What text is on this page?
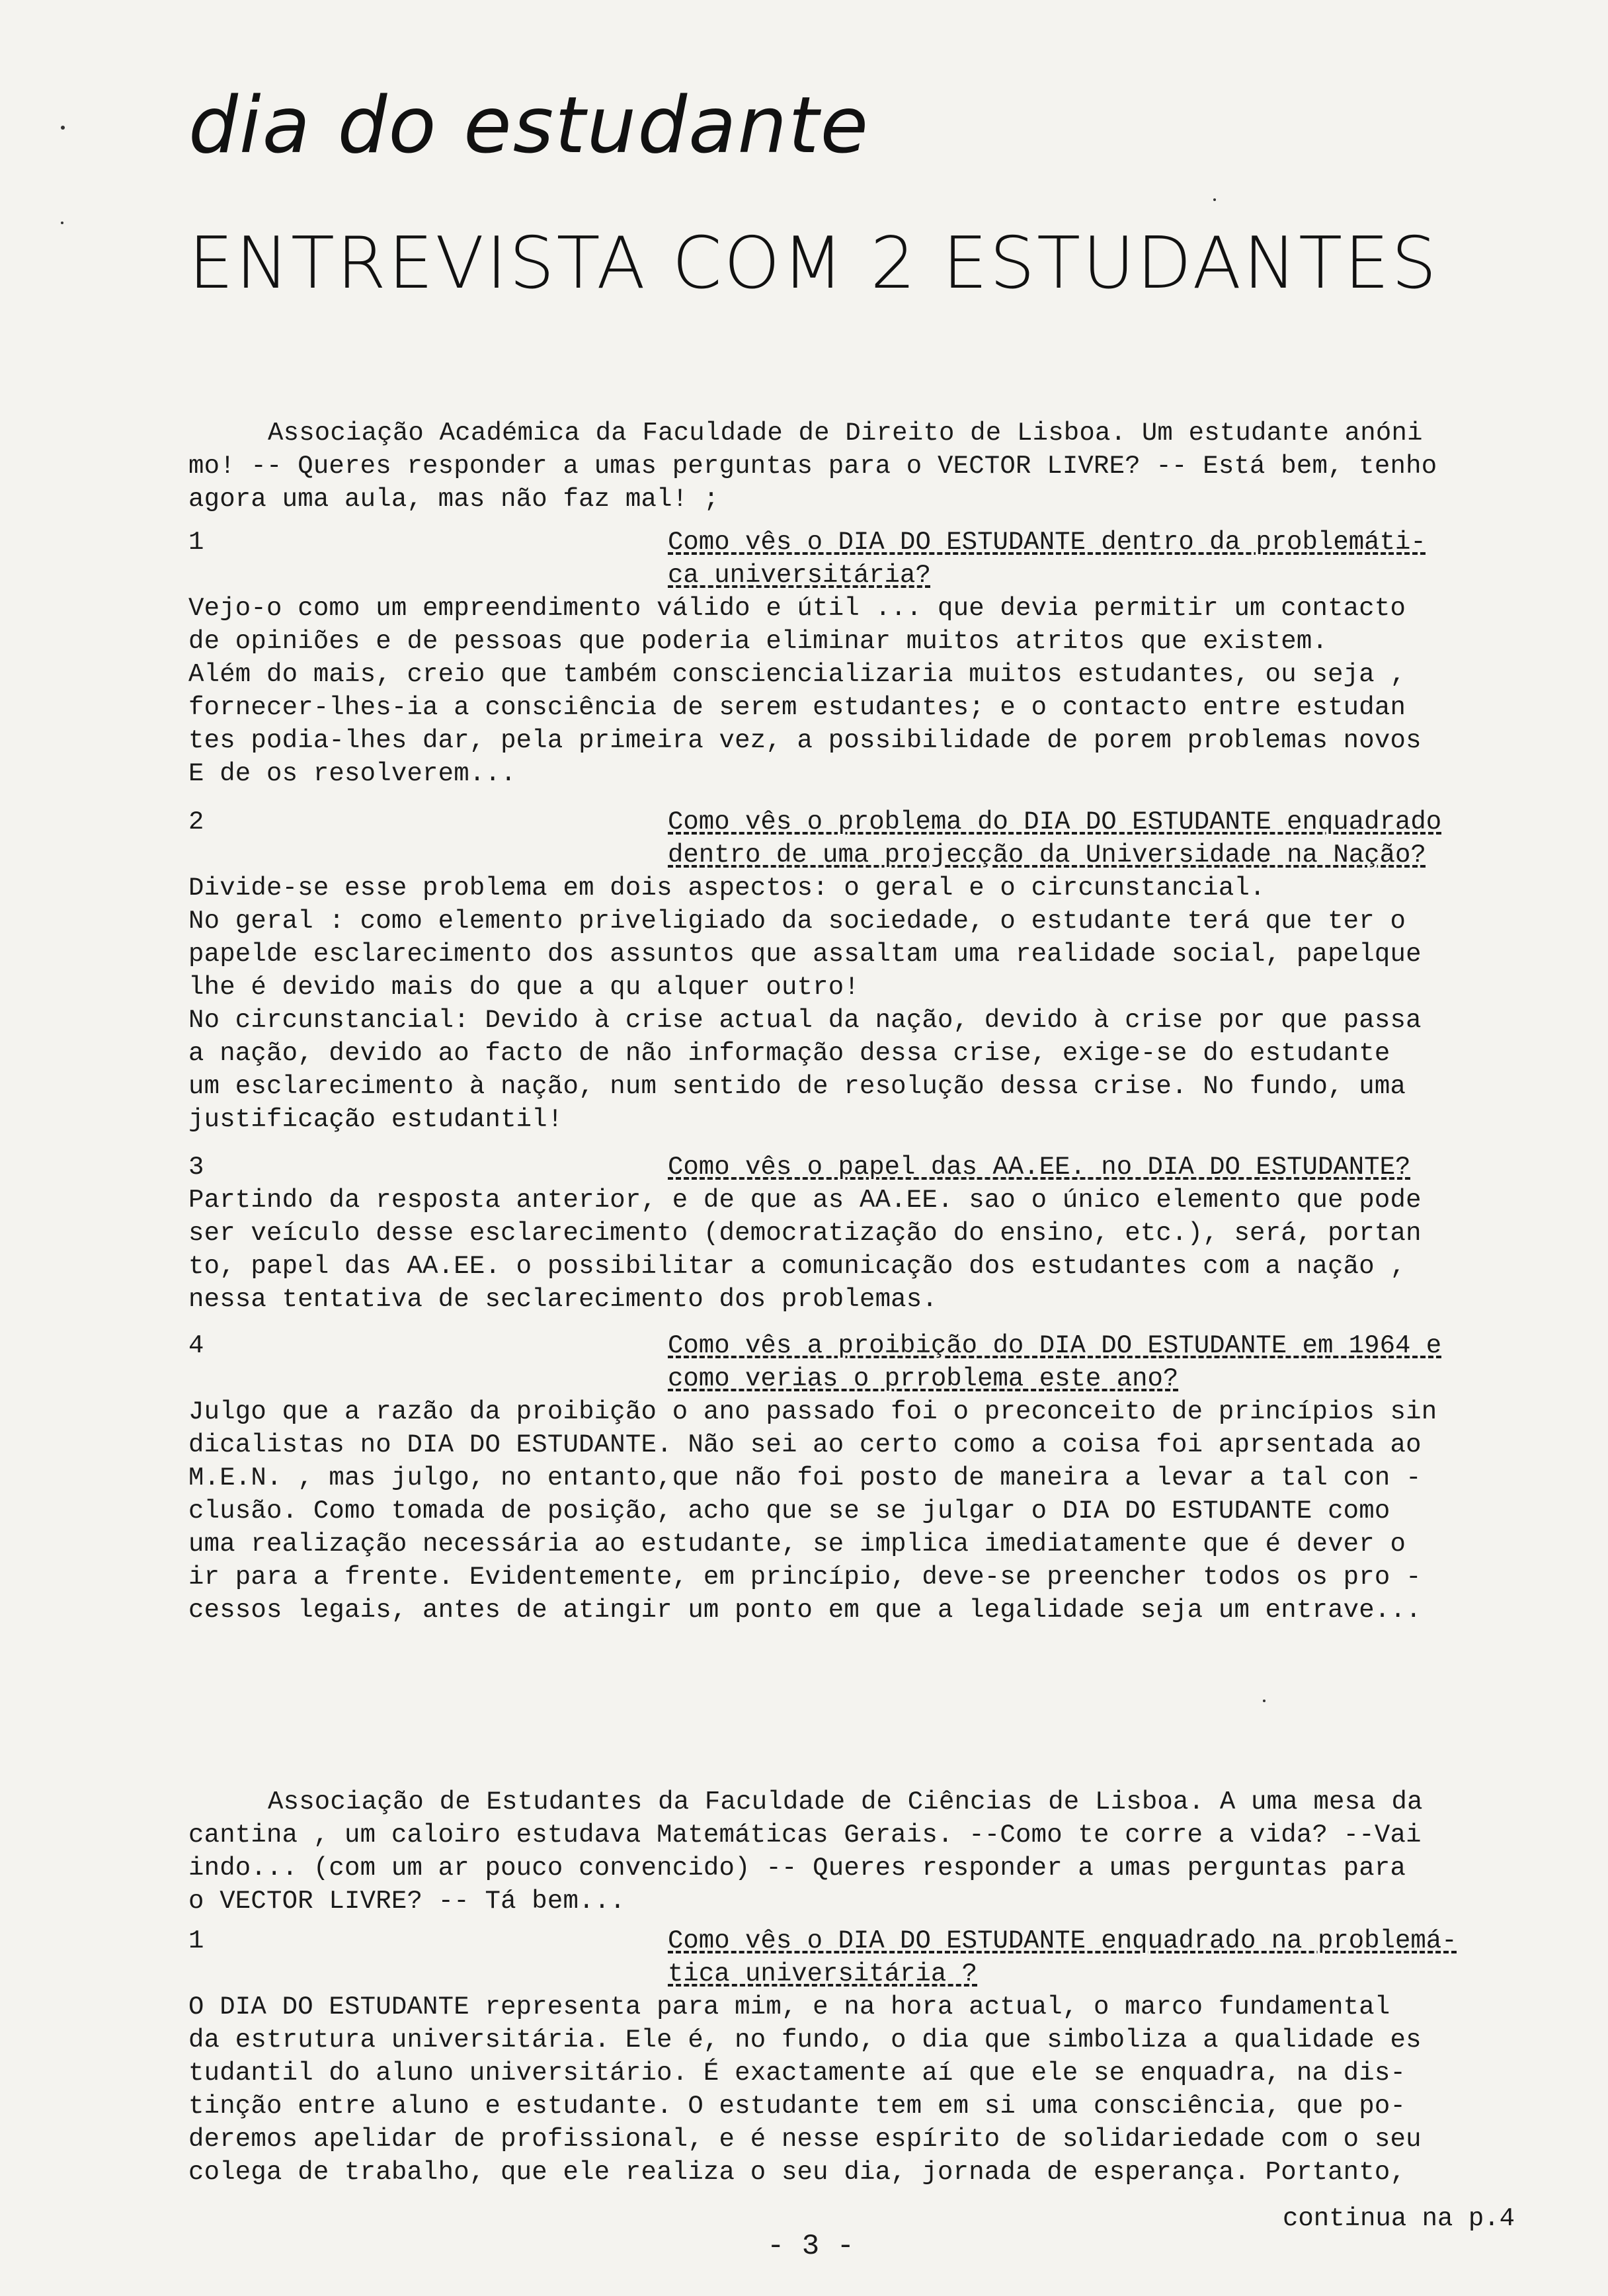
dia do estudante
ENTREVISTA COM 2 ESTUDANTES
Associação Académica da Faculdade de Direito de Lisboa. Um estudante anóni
mo! -- Queres responder a umas perguntas para o VECTOR LIVRE? -- Está bem, tenho
agora uma aula, mas não faz mal! ;
1	Como vês o DIA DO ESTUDANTE dentro da problemáti-
ca universitária?
Vejo-o como um empreendimento válido e útil ... que devia permitir um contacto
de opiniões e de pessoas que poderia eliminar muitos atritos que existem.
Além do mais, creio que também consciencializaria muitos estudantes, ou seja ,
fornecer-lhes-ia a consciência de serem estudantes; e o contacto entre estudan
tes podia-lhes dar, pela primeira vez, a possibilidade de porem problemas novos
E de os resolverem...
2	Como vês o problema do DIA DO ESTUDANTE enquadrado
dentro de uma projecção da Universidade na Nação?
Divide-se esse problema em dois aspectos: o geral e o circunstancial.
No geral : como elemento priveligiado da sociedade, o estudante terá que ter o
papelde esclarecimento dos assuntos que assaltam uma realidade social, papelque
lhe é devido mais do que a qu alquer outro!
No circunstancial: Devido à crise actual da nação, devido à crise por que passa
a nação, devido ao facto de não informação dessa crise, exige-se do estudante
um esclarecimento à nação, num sentido de resolução dessa crise. No fundo, uma
justificação estudantil!
3	Como vês o papel das AA.EE. no DIA DO ESTUDANTE?
Partindo da resposta anterior, e de que as AA.EE. sao o único elemento que pode
ser veículo desse esclarecimento (democratização do ensino, etc.), será, portan
to, papel das AA.EE. o possibilitar a comunicação dos estudantes com a nação ,
nessa tentativa de seclarecimento dos problemas.
4	Como vês a proibição do DIA DO ESTUDANTE em 1964 e
como verias o prroblema este ano?
Julgo que a razão da proibição o ano passado foi o preconceito de princípios sin
dicalistas no DIA DO ESTUDANTE. Não sei ao certo como a coisa foi aprsentada ao
M.E.N. , mas julgo, no entanto,que não foi posto de maneira a levar a tal con -
clusão. Como tomada de posição, acho que se se julgar o DIA DO ESTUDANTE como
uma realização necessária ao estudante, se implica imediatamente que é dever o
ir para a frente. Evidentemente, em princípio, deve-se preencher todos os pro -
cessos legais, antes de atingir um ponto em que a legalidade seja um entrave...
Associação de Estudantes da Faculdade de Ciências de Lisboa. A uma mesa da
cantina , um caloiro estudava Matemáticas Gerais. --Como te corre a vida? --Vai
indo... (com um ar pouco convencido) -- Queres responder a umas perguntas para
o VECTOR LIVRE? -- Tá bem...
1	Como vês o DIA DO ESTUDANTE enquadrado na problemá-
tica universitária ?
O DIA DO ESTUDANTE representa para mim, e na hora actual, o marco fundamental
da estrutura universitária. Ele é, no fundo, o dia que simboliza a qualidade es
tudantil do aluno universitário. É exactamente aí que ele se enquadra, na dis-
tinção entre aluno e estudante. O estudante tem em si uma consciência, que po-
deremos apelidar de profissional, e é nesse espírito de solidariedade com o seu
colega de trabalho, que ele realiza o seu dia, jornada de esperança. Portanto,
continua na p.4
- 3 -
